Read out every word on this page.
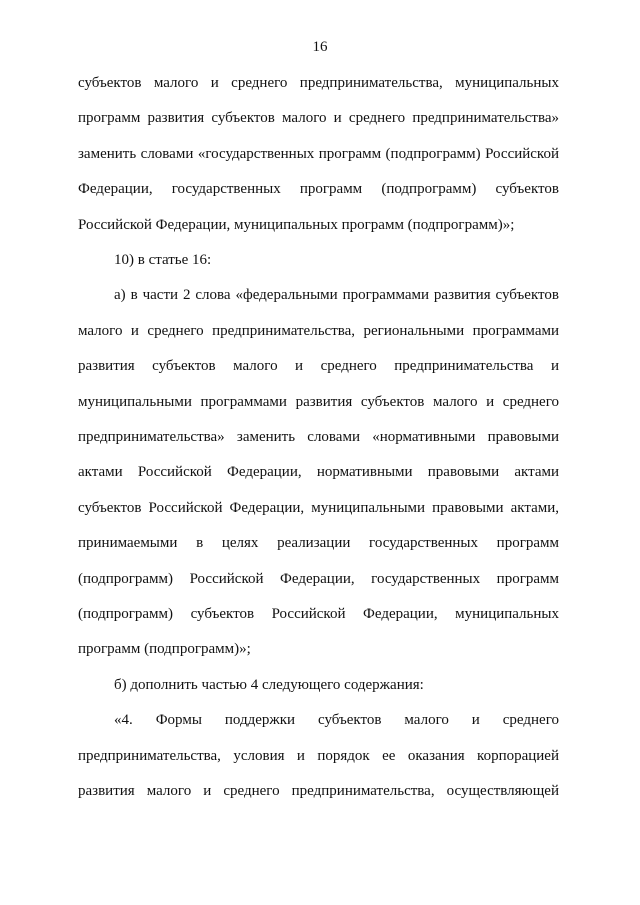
16
субъектов малого и среднего предпринимательства, муниципальных
программ развития субъектов малого и среднего предпринимательства»
заменить словами «государственных программ (подпрограмм) Российской
Федерации, государственных программ (подпрограмм) субъектов
Российской Федерации, муниципальных программ (подпрограмм)»;
10) в статье 16:
а) в части 2 слова «федеральными программами развития субъектов
малого и среднего предпринимательства, региональными программами
развития субъектов малого и среднего предпринимательства и
муниципальными программами развития субъектов малого и среднего
предпринимательства» заменить словами «нормативными правовыми
актами Российской Федерации, нормативными правовыми актами
субъектов Российской Федерации, муниципальными правовыми актами,
принимаемыми в целях реализации государственных программ
(подпрограмм) Российской Федерации, государственных программ
(подпрограмм) субъектов Российской Федерации, муниципальных
программ (подпрограмм)»;
б) дополнить частью 4 следующего содержания:
«4. Формы поддержки субъектов малого и среднего
предпринимательства, условия и порядок ее оказания корпорацией
развития малого и среднего предпринимательства, осуществляющей
